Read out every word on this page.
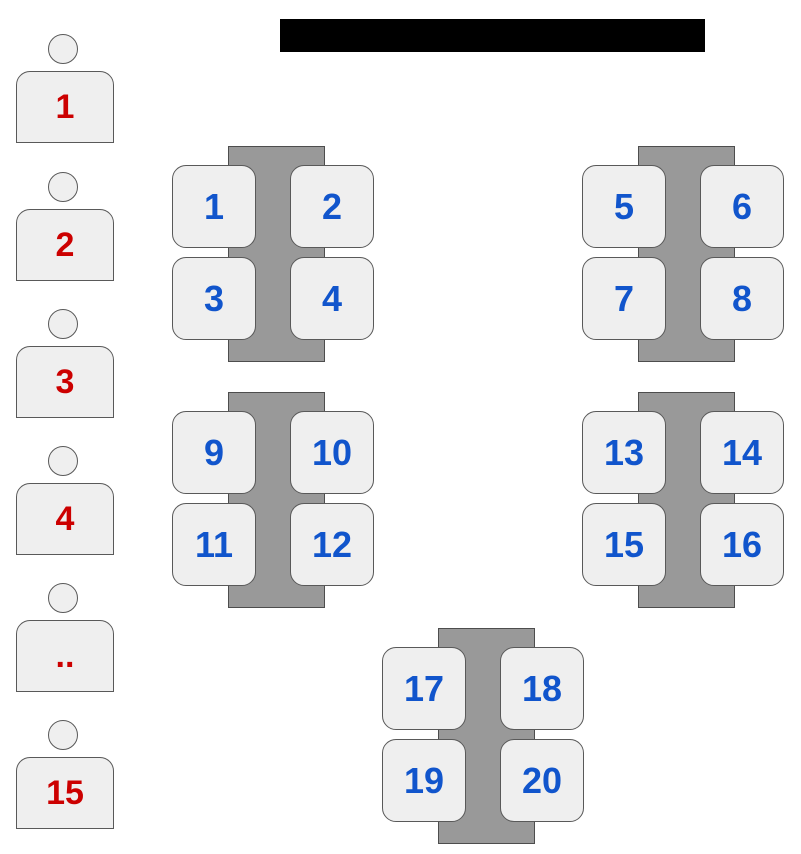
1
2
3
4
..
15
1	2
3	4
5	6
7	8
9	10
11	12
13	14
15	16
17	18
19	20
